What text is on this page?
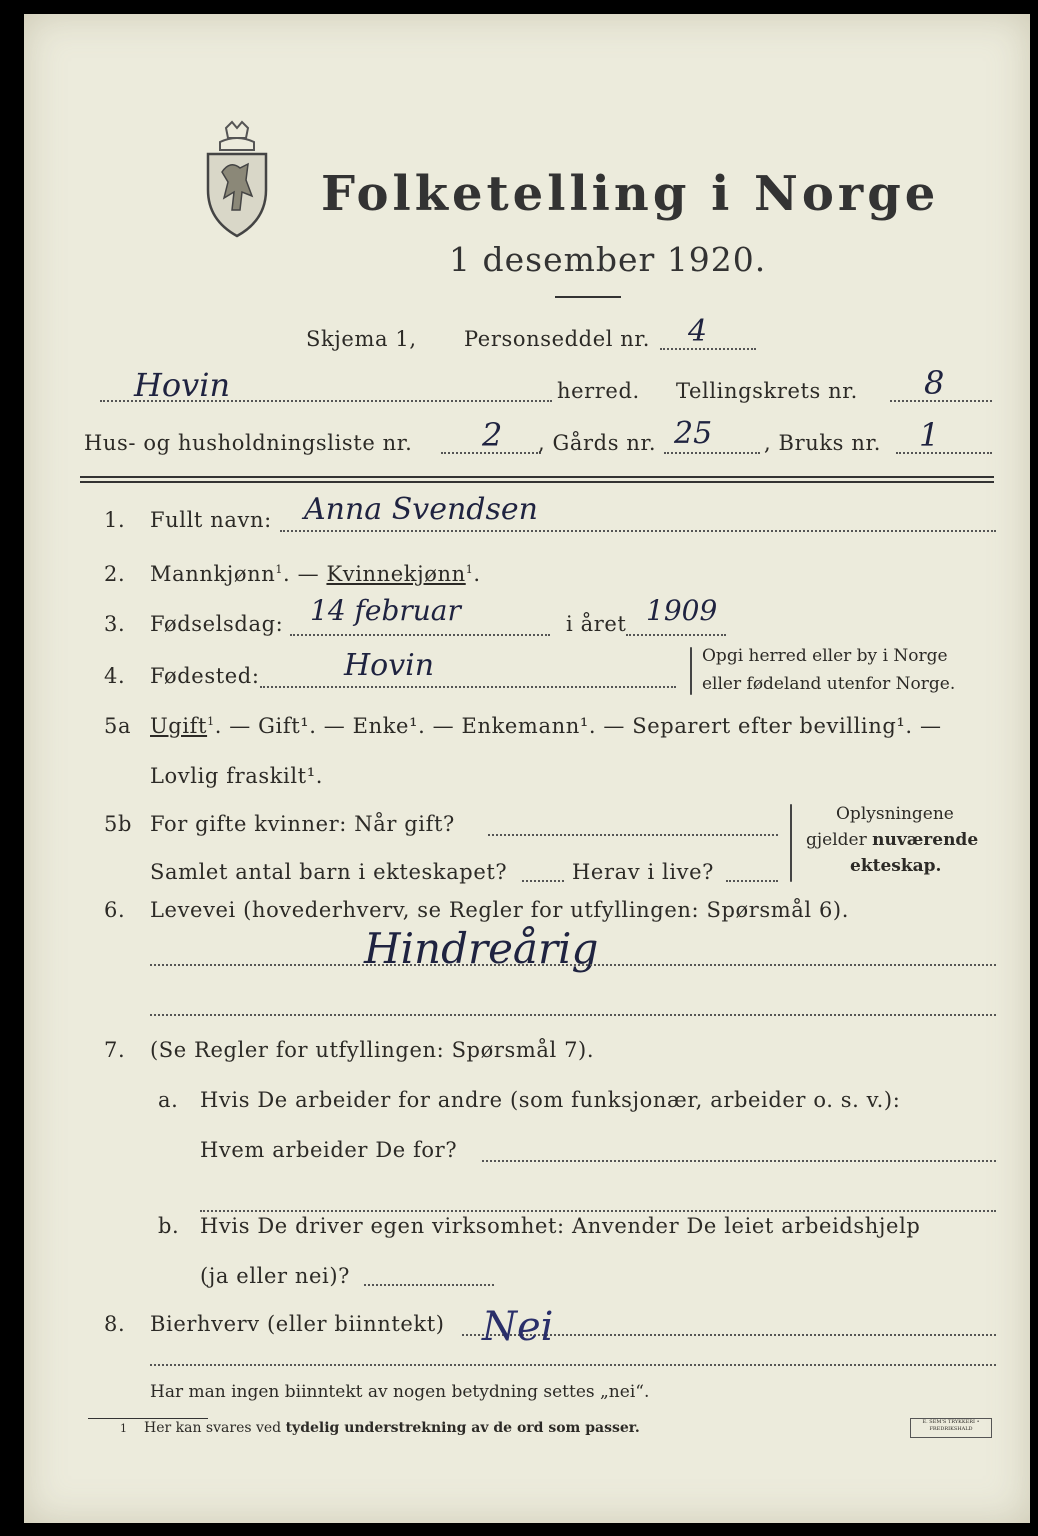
Folketelling i Norge
1 desember 1920.
Skjema 1, Personseddel nr. 4
Hovin	herred. Tellingskrets nr. 8
Hus- og husholdningsliste nr. 2 , Gårds nr. 25 , Bruks nr. 1
1. Fullt navn: Anna Svendsen
2. Mannkjønn$^1$. — Kvinnekjønn$^1$.
3. Fødselsdag: 14 februar	i året 1909
4. Fødested:	Hovin	Opgi herred eller by i Norge
eller fødeland utenfor Norge.
5a Ugift$^1$. — Gift¹. — Enke¹. — Enkemann¹. — Separert efter bevilling¹. —
Lovlig fraskilt¹.
5b For gifte kvinner: Når gift?
Samlet antal barn i ekteskapet?	Herav i live?
Oplysningene
gjelder nuværende
ekteskap.
6. Levevei (hovederhverv, se Regler for utfyllingen: Spørsmål 6).
Hindreårig
7. (Se Regler for utfyllingen: Spørsmål 7).
a. Hvis De arbeider for andre (som funksjonær, arbeider o. s. v.):
Hvem arbeider De for?
b. Hvis De driver egen virksomhet: Anvender De leiet arbeidshjelp
(ja eller nei)?
8. Bierhverv (eller biinntekt) Nei
Har man ingen biinntekt av nogen betydning settes „nei“.
1 Her kan svares ved tydelig understrekning av de ord som passer.	E. SEM'S TRYKKERI • FREDRIKSHALD
